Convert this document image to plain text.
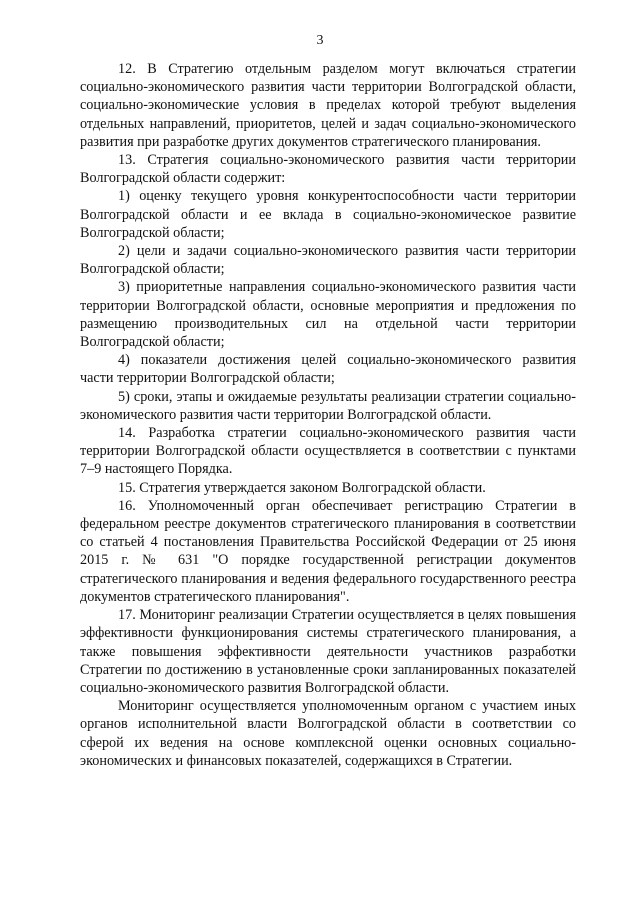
3

12. В Стратегию отдельным разделом могут включаться стратегии социально-экономического развития части территории Волгоградской области, социально-экономические условия в пределах которой требуют выделения отдельных направлений, приоритетов, целей и задач социально-экономического развития при разработке других документов стратегического планирования.

13. Стратегия социально-экономического развития части территории Волгоградской области содержит:

1) оценку текущего уровня конкурентоспособности части территории Волгоградской области и ее вклада в социально-экономическое развитие Волгоградской области;

2) цели и задачи социально-экономического развития части территории Волгоградской области;

3) приоритетные направления социально-экономического развития части территории Волгоградской области, основные мероприятия и предложения по размещению производительных сил на отдельной части территории Волгоградской области;

4) показатели достижения целей социально-экономического развития части территории Волгоградской области;

5) сроки, этапы и ожидаемые результаты реализации стратегии социально-экономического развития части территории Волгоградской области.

14. Разработка стратегии социально-экономического развития части территории Волгоградской области осуществляется в соответствии с пунктами 7–9 настоящего Порядка.

15. Стратегия утверждается законом Волгоградской области.

16. Уполномоченный орган обеспечивает регистрацию Стратегии в федеральном реестре документов стратегического планирования в соответствии со статьей 4 постановления Правительства Российской Федерации от 25 июня 2015 г. № 631 "О порядке государственной регистрации документов стратегического планирования и ведения федерального государственного реестра документов стратегического планирования".

17. Мониторинг реализации Стратегии осуществляется в целях повышения эффективности функционирования системы стратегического планирования, а также повышения эффективности деятельности участников разработки Стратегии по достижению в установленные сроки запланированных показателей социально-экономического развития Волгоградской области.

Мониторинг осуществляется уполномоченным органом с участием иных органов исполнительной власти Волгоградской области в соответствии со сферой их ведения на основе комплексной оценки основных социально-экономических и финансовых показателей, содержащихся в Стратегии.
